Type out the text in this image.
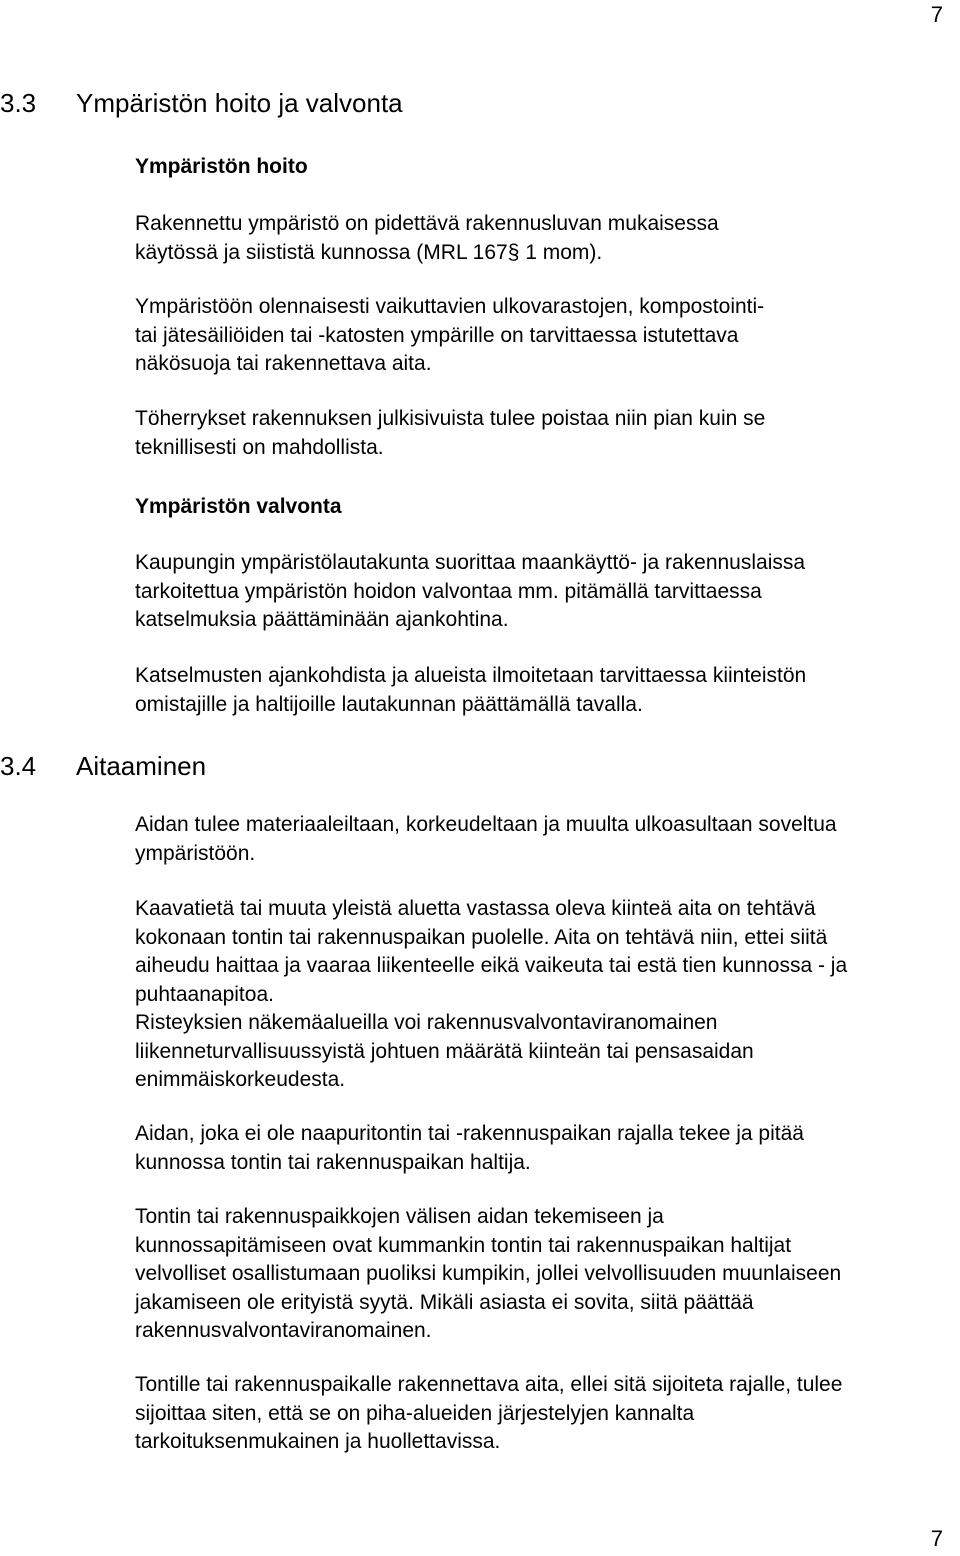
7
3.3 Ympäristön hoito ja valvonta
Ympäristön hoito
Rakennettu ympäristö on pidettävä rakennusluvan mukaisessa
käytössä ja siististä kunnossa (MRL 167§ 1 mom).
Ympäristöön olennaisesti vaikuttavien ulkovarastojen, kompostointi-
tai jätesäiliöiden tai -katosten ympärille on tarvittaessa istutettava
näkösuoja tai rakennettava aita.
Töherrykset rakennuksen julkisivuista tulee poistaa niin pian kuin se
teknillisesti on mahdollista.
Ympäristön valvonta
Kaupungin ympäristölautakunta suorittaa maankäyttö- ja rakennuslaissa
tarkoitettua ympäristön hoidon valvontaa mm. pitämällä tarvittaessa
katselmuksia päättäminään ajankohtina.
Katselmusten ajankohdista ja alueista ilmoitetaan tarvittaessa kiinteistön
omistajille ja haltijoille lautakunnan päättämällä tavalla.
3.4 Aitaaminen
Aidan tulee materiaaleiltaan, korkeudeltaan ja muulta ulkoasultaan soveltua
ympäristöön.
Kaavatietä tai muuta yleistä aluetta vastassa oleva kiinteä aita on tehtävä
kokonaan tontin tai rakennuspaikan puolelle. Aita on tehtävä niin, ettei siitä
aiheudu haittaa ja vaaraa liikenteelle eikä vaikeuta tai estä tien kunnossa - ja
puhtaanapitoa.
Risteyksien näkemäalueilla voi rakennusvalvontaviranomainen
liikenneturvallisuussyistä johtuen määrätä kiinteän tai pensasaidan
enimmäiskorkeudesta.
Aidan, joka ei ole naapuritontin tai -rakennuspaikan rajalla tekee ja pitää
kunnossa tontin tai rakennuspaikan haltija.
Tontin tai rakennuspaikkojen välisen aidan tekemiseen ja
kunnossapitämiseen ovat kummankin tontin tai rakennuspaikan haltijat
velvolliset osallistumaan puoliksi kumpikin, jollei velvollisuuden muunlaiseen
jakamiseen ole erityistä syytä. Mikäli asiasta ei sovita, siitä päättää
rakennusvalvontaviranomainen.
Tontille tai rakennuspaikalle rakennettava aita, ellei sitä sijoiteta rajalle, tulee
sijoittaa siten, että se on piha-alueiden järjestelyjen kannalta
tarkoituksenmukainen ja huollettavissa.
7
